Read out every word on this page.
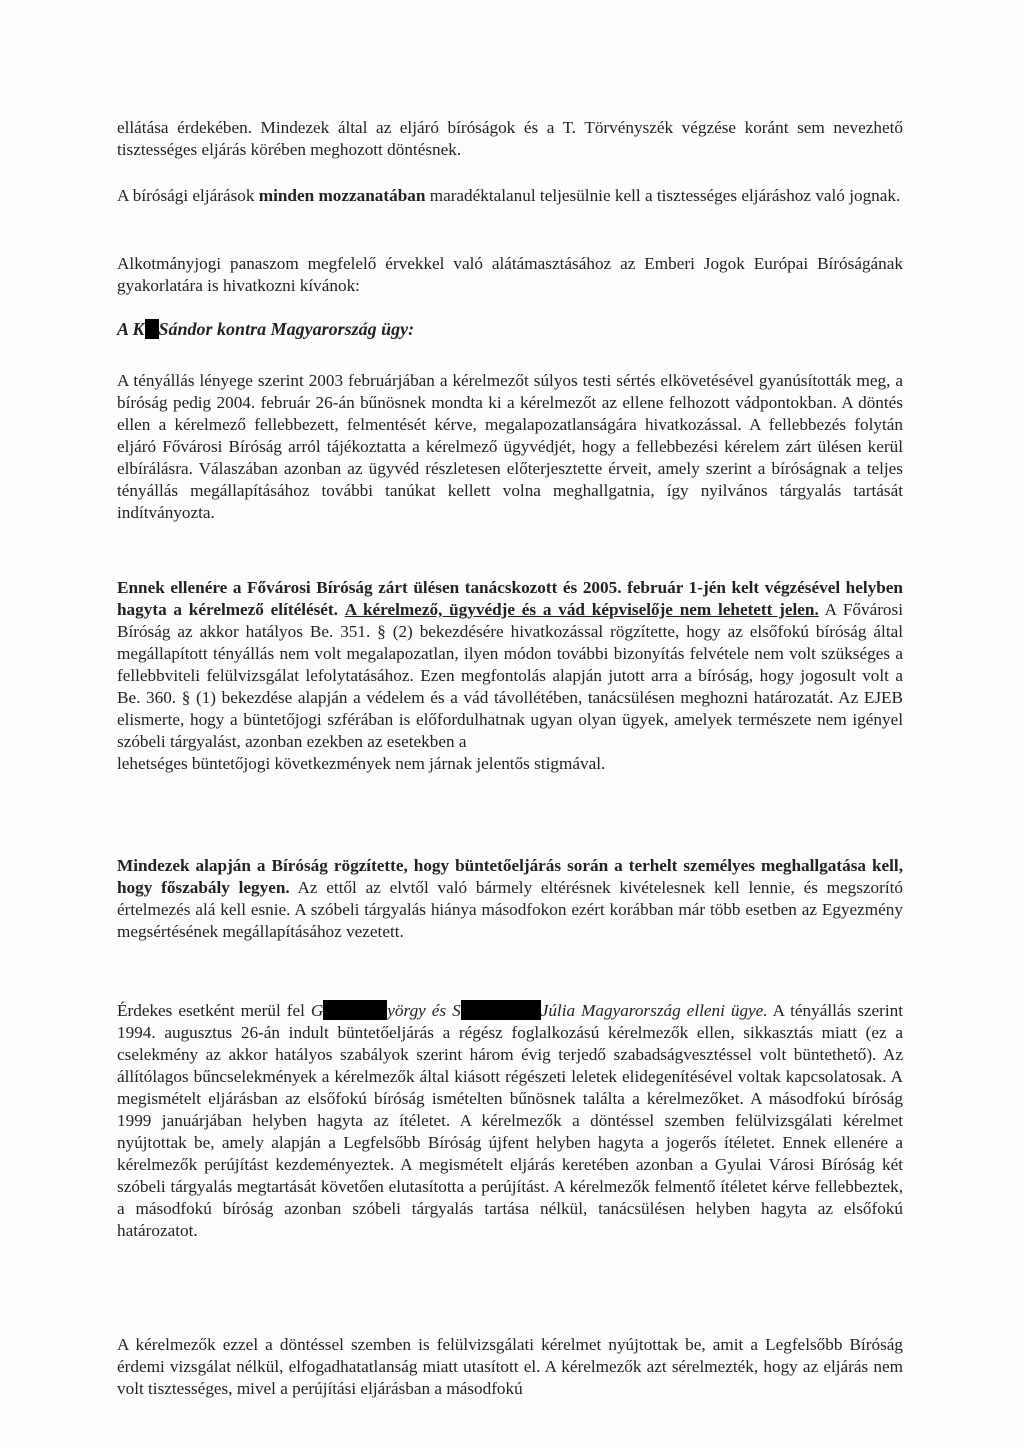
ellátása érdekében. Mindezek által az eljáró bíróságok és a T. Törvényszék végzése koránt sem nevezhető tisztességes eljárás körében meghozott döntésnek.

A bírósági eljárások minden mozzanatában maradéktalanul teljesülnie kell a tisztességes eljáráshoz való jognak.

Alkotmányjogi panaszom megfelelő érvekkel való alátámasztásához az Emberi Jogok Európai Bíróságának gyakorlatára is hivatkozni kívánok:

A K Sándor kontra Magyarország ügy:

A tényállás lényege szerint 2003 februárjában a kérelmezőt súlyos testi sértés elkövetésével gyanúsították meg, a bíróság pedig 2004. február 26-án bűnösnek mondta ki a kérelmezőt az ellene felhozott vádpontokban. A döntés ellen a kérelmező fellebbezett, felmentését kérve, megalapozatlanságára hivatkozással. A fellebbezés folytán eljáró Fővárosi Bíróság arról tájékoztatta a kérelmező ügyvédjét, hogy a fellebbezési kérelem zárt ülésen kerül elbírálásra. Válaszában azonban az ügyvéd részletesen előterjesztette érveit, amely szerint a bíróságnak a teljes tényállás megállapításához további tanúkat kellett volna meghallgatnia, így nyilvános tárgyalás tartását indítványozta.

Ennek ellenére a Fővárosi Bíróság zárt ülésen tanácskozott és 2005. február 1-jén kelt végzésével helyben hagyta a kérelmező elítélését. A kérelmező, ügyvédje és a vád képviselője nem lehetett jelen. A Fővárosi Bíróság az akkor hatályos Be. 351. § (2) bekezdésére hivatkozással rögzítette, hogy az elsőfokú bíróság által megállapított tényállás nem volt megalapozatlan, ilyen módon további bizonyítás felvétele nem volt szükséges a fellebbviteli felülvizsgálat lefolytatásához. Ezen megfontolás alapján jutott arra a bíróság, hogy jogosult volt a Be. 360. § (1) bekezdése alapján a védelem és a vád távollétében, tanácsülésen meghozni határozatát. Az EJEB elismerte, hogy a büntetőjogi szférában is előfordulhatnak ugyan olyan ügyek, amelyek természete nem igényel szóbeli tárgyalást, azonban ezekben az esetekben a

lehetséges büntetőjogi következmények nem járnak jelentős stigmával.

Mindezek alapján a Bíróság rögzítette, hogy büntetőeljárás során a terhelt személyes meghallgatása kell, hogy főszabály legyen. Az ettől az elvtől való bármely eltérésnek kivételesnek kell lennie, és megszorító értelmezés alá kell esnie. A szóbeli tárgyalás hiánya másodfokon ezért korábban már több esetben az Egyezmény megsértésének megállapításához vezetett.

Érdekes esetként merül fel G	yörgy és S	Júlia Magyarország elleni ügye. A tényállás szerint 1994. augusztus 26-án indult büntetőeljárás a régész foglalkozású kérelmezők ellen, sikkasztás miatt (ez a cselekmény az akkor hatályos szabályok szerint három évig terjedő szabadságvesztéssel volt büntethető). Az állítólagos bűncselekmények a kérelmezők által kiásott régészeti leletek elidegenítésével voltak kapcsolatosak. A megismételt eljárásban az elsőfokú bíróság ismételten bűnösnek találta a kérelmezőket. A másodfokú bíróság 1999 januárjában helyben hagyta az ítéletet. A kérelmezők a döntéssel szemben felülvizsgálati kérelmet nyújtottak be, amely alapján a Legfelsőbb Bíróság újfent helyben hagyta a jogerős ítéletet. Ennek ellenére a kérelmezők perújítást kezdeményeztek. A megismételt eljárás keretében azonban a Gyulai Városi Bíróság két szóbeli tárgyalás megtartását követően elutasította a perújítást. A kérelmezők felmentő ítéletet kérve fellebbeztek, a másodfokú bíróság azonban szóbeli tárgyalás tartása nélkül, tanácsülésen helyben hagyta az elsőfokú határozatot.

A kérelmezők ezzel a döntéssel szemben is felülvizsgálati kérelmet nyújtottak be, amit a Legfelsőbb Bíróság érdemi vizsgálat nélkül, elfogadhatatlanság miatt utasított el. A kérelmezők azt sérelmezték, hogy az eljárás nem volt tisztességes, mivel a perújítási eljárásban a másodfokú
